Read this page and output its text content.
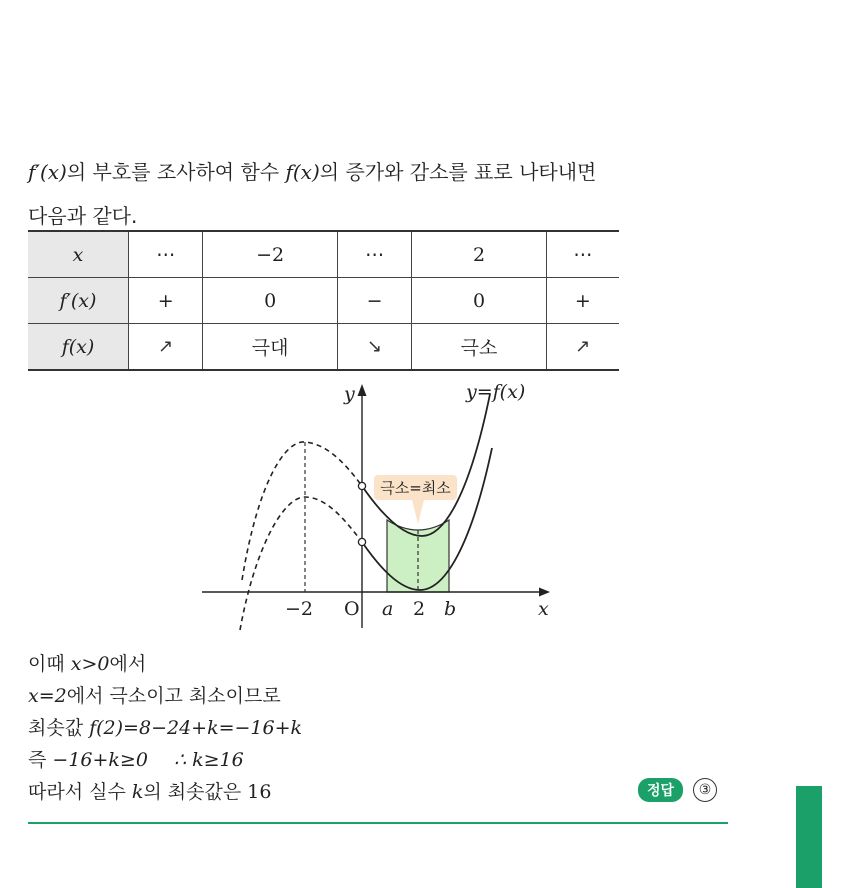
f′(x)의 부호를 조사하여 함수 f(x)의 증가와 감소를 표로 나타내면
다음과 같다.
x	⋯	−2	⋯	2	⋯
f′(x)	+	0	−	0	+
f(x)	↗	극대	↘	극소	↗
극소=최소
y	y=f(x)
x
O
−2	a 2 b
이때 x>0에서
x=2에서 극소이고 최소이므로
최솟값 f(2)=8−24+k=−16+k
즉 −16+k≥0 ∴ k≥16
따라서 실수 k의 최솟값은 16	정답	③
